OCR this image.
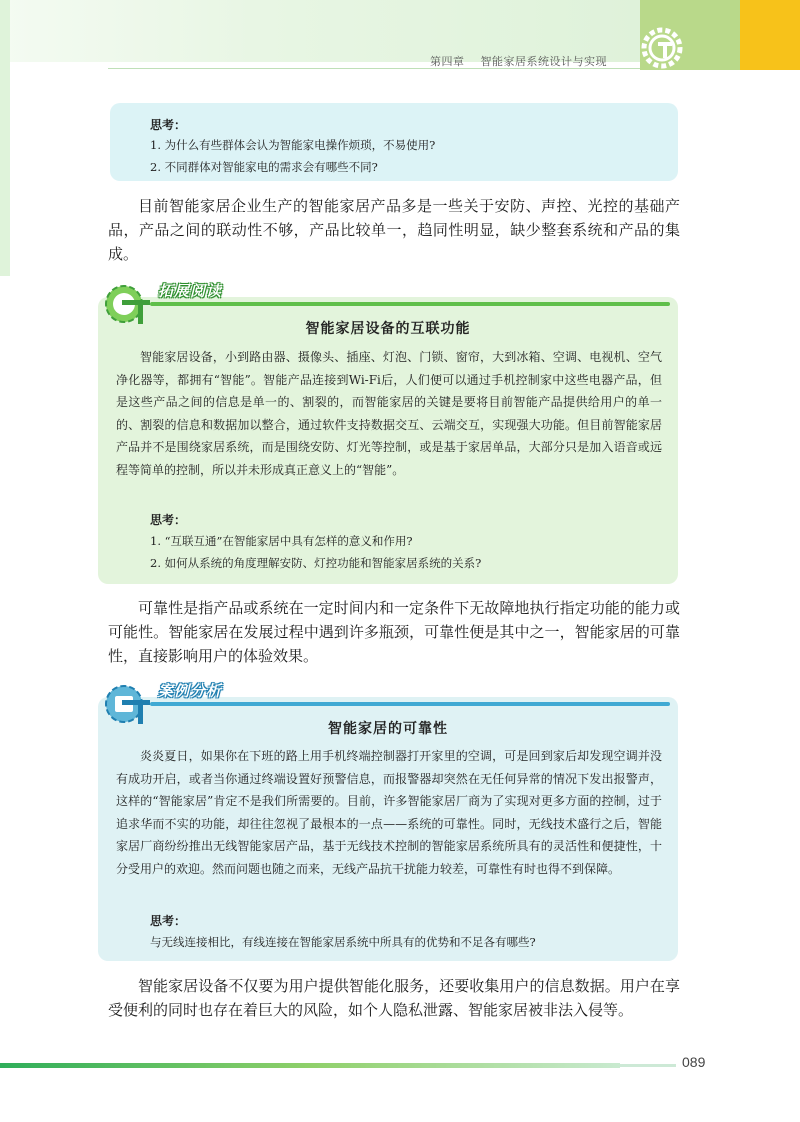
第四章 智能家居系统设计与实现
思考：
1. 为什么有些群体会认为智能家电操作烦琐，不易使用?
2. 不同群体对智能家电的需求会有哪些不同?

目前智能家居企业生产的智能家居产品多是一些关于安防、声控、光控的基础产品，产品之间的联动性不够，产品比较单一，趋同性明显，缺少整套系统和产品的集成。

拓展阅读
智能家居设备的互联功能

智能家居设备，小到路由器、摄像头、插座、灯泡、门锁、窗帘，大到冰箱、空调、电视机、空气净化器等，都拥有“智能”。智能产品连接到Wi-Fi后，人们便可以通过手机控制家中这些电器产品，但是这些产品之间的信息是单一的、割裂的，而智能家居的关键是要将目前智能产品提供给用户的单一的、割裂的信息和数据加以整合，通过软件支持数据交互、云端交互，实现强大功能。但目前智能家居产品并不是围绕家居系统，而是围绕安防、灯光等控制，或是基于家居单品，大部分只是加入语音或远程等简单的控制，所以并未形成真正意义上的“智能”。

思考：
1. “互联互通”在智能家居中具有怎样的意义和作用?
2. 如何从系统的角度理解安防、灯控功能和智能家居系统的关系?

可靠性是指产品或系统在一定时间内和一定条件下无故障地执行指定功能的能力或可能性。智能家居在发展过程中遇到许多瓶颈，可靠性便是其中之一，智能家居的可靠性，直接影响用户的体验效果。

案例分析
智能家居的可靠性

炎炎夏日，如果你在下班的路上用手机终端控制器打开家里的空调，可是回到家后却发现空调并没有成功开启，或者当你通过终端设置好预警信息，而报警器却突然在无任何异常的情况下发出报警声，这样的“智能家居”肯定不是我们所需要的。目前，许多智能家居厂商为了实现对更多方面的控制，过于追求华而不实的功能，却往往忽视了最根本的一点——系统的可靠性。同时，无线技术盛行之后，智能家居厂商纷纷推出无线智能家居产品，基于无线技术控制的智能家居系统所具有的灵活性和便捷性，十分受用户的欢迎。然而问题也随之而来，无线产品抗干扰能力较差，可靠性有时也得不到保障。

思考：
与无线连接相比，有线连接在智能家居系统中所具有的优势和不足各有哪些?

智能家居设备不仅要为用户提供智能化服务，还要收集用户的信息数据。用户在享受便利的同时也存在着巨大的风险，如个人隐私泄露、智能家居被非法入侵等。

089
